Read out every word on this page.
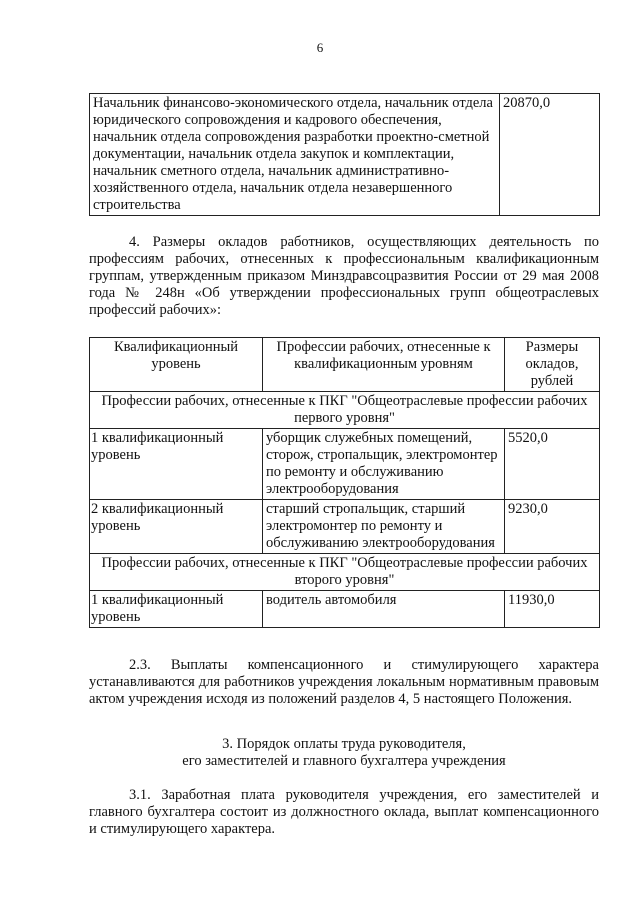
6
Начальник финансово-экономического отдела, начальник отдела юридического сопровождения и кадрового обеспечения, начальник отдела сопровождения разработки проектно-сметной документации, начальник отдела закупок и комплектации, начальник сметного отдела, начальник административно-хозяйственного отдела, начальник отдела незавершенного строительства	20870,0
4. Размеры окладов работников, осуществляющих деятельность по профессиям рабочих, отнесенных к профессиональным квалификационным группам, утвержденным приказом Минздравсоцразвития России от 29 мая 2008 года № 248н «Об утверждении профессиональных групп общеотраслевых профессий рабочих»:
Квалификационный уровень	Профессии рабочих, отнесенные к квалификационным уровням	Размеры окладов, рублей
Профессии рабочих, отнесенные к ПКГ "Общеотраслевые профессии рабочих первого уровня"		
1 квалификационный уровень	уборщик служебных помещений, сторож, стропальщик, электромонтер по ремонту и обслуживанию электрооборудования	5520,0
2 квалификационный уровень	старший стропальщик, старший электромонтер по ремонту и обслуживанию электрооборудования	9230,0
Профессии рабочих, отнесенные к ПКГ "Общеотраслевые профессии рабочих второго уровня"		
1 квалификационный уровень	водитель автомобиля	11930,0
2.3. Выплаты компенсационного и стимулирующего характера устанавливаются для работников учреждения локальным нормативным правовым актом учреждения исходя из положений разделов 4, 5 настоящего Положения.
3. Порядок оплаты труда руководителя,
его заместителей и главного бухгалтера учреждения
3.1. Заработная плата руководителя учреждения, его заместителей и главного бухгалтера состоит из должностного оклада, выплат компенсационного и стимулирующего характера.
